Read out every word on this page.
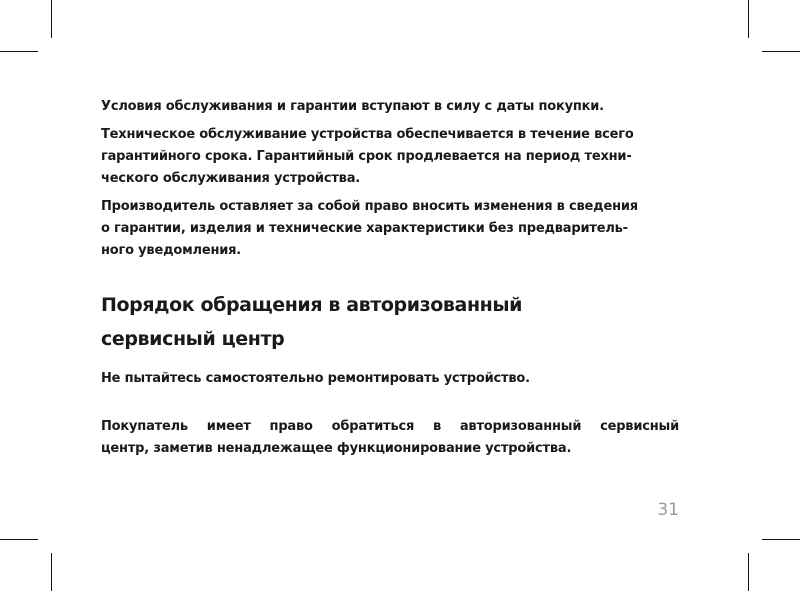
Условия обслуживания и гарантии вступают в силу с даты покупки.

Техническое обслуживание устройства обеспечивается в течение всего
гарантийного срока. Гарантийный срок продлевается на период техни-
ческого обслуживания устройства.

Производитель оставляет за собой право вносить изменения в сведения
о гарантии, изделия и технические характеристики без предваритель-
ного уведомления.

Порядок обращения в авторизованный
сервисный центр

Не пытайтесь самостоятельно ремонтировать устройство.

Покупатель имеет право обратиться в авторизованный сервисный
центр, заметив ненадлежащее функционирование устройства.

31
